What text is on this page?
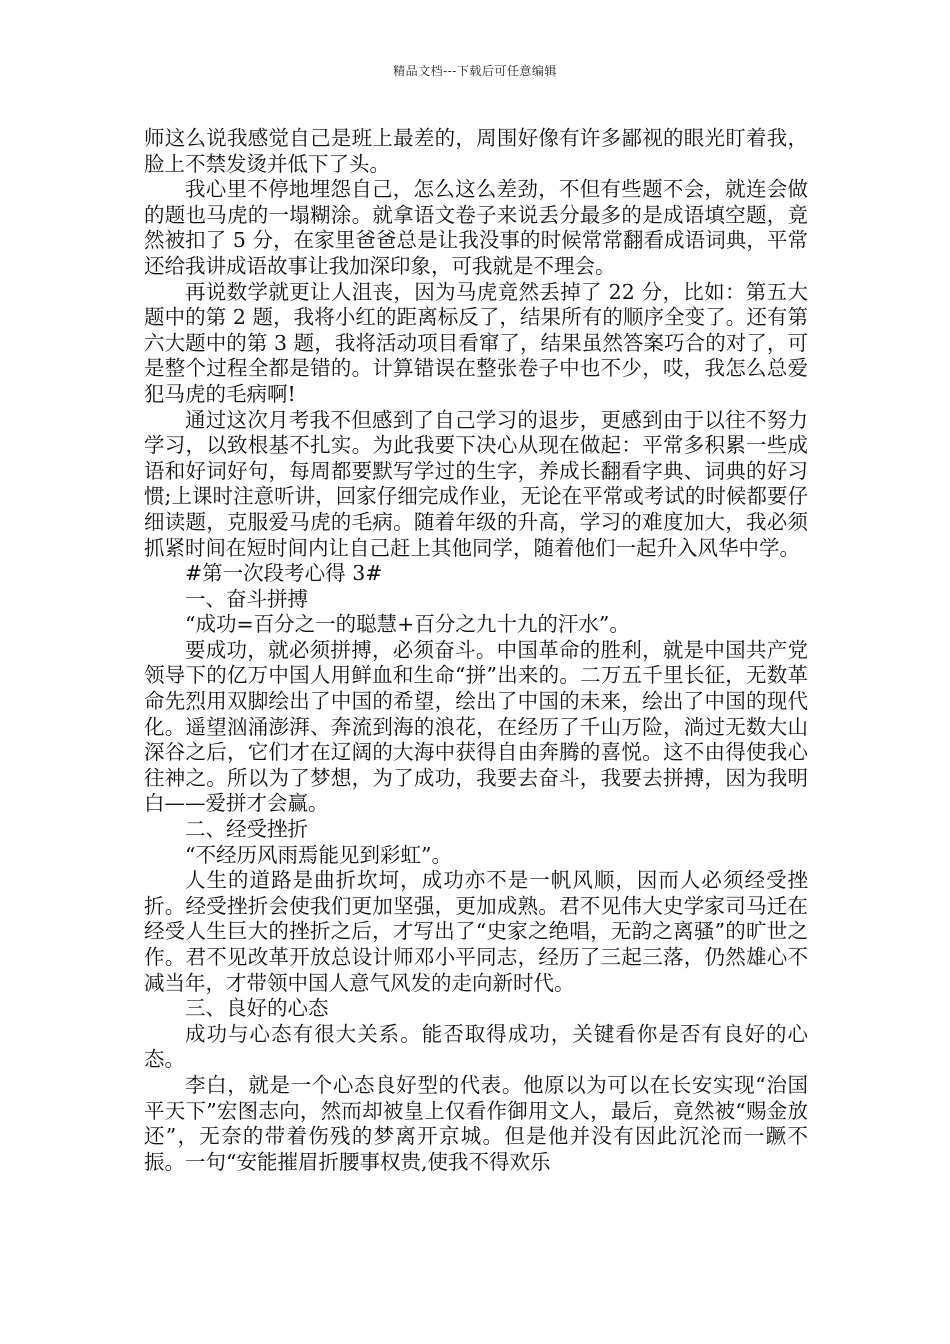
精品文档---下载后可任意编辑

师这么说我感觉自己是班上最差的，周围好像有许多鄙视的眼光盯着我，脸上不禁发烫并低下了头。

我心里不停地埋怨自己，怎么这么差劲，不但有些题不会，就连会做的题也马虎的一塌糊涂。就拿语文卷子来说丢分最多的是成语填空题，竟然被扣了 5 分，在家里爸爸总是让我没事的时候常常翻看成语词典，平常还给我讲成语故事让我加深印象，可我就是不理会。

再说数学就更让人沮丧，因为马虎竟然丢掉了 22 分，比如：第五大题中的第 2 题，我将小红的距离标反了，结果所有的顺序全变了。还有第六大题中的第 3 题，我将活动项目看窜了，结果虽然答案巧合的对了，可是整个过程全都是错的。计算错误在整张卷子中也不少，哎，我怎么总爱犯马虎的毛病啊!

通过这次月考我不但感到了自己学习的退步，更感到由于以往不努力学习，以致根基不扎实。为此我要下决心从现在做起：平常多积累一些成语和好词好句，每周都要默写学过的生字，养成长翻看字典、词典的好习惯;上课时注意听讲，回家仔细完成作业，无论在平常或考试的时候都要仔细读题，克服爱马虎的毛病。随着年级的升高，学习的难度加大，我必须抓紧时间在短时间内让自己赶上其他同学，随着他们一起升入风华中学。

#第一次段考心得 3#

一、奋斗拼搏

“成功=百分之一的聪慧+百分之九十九的汗水”。

要成功，就必须拼搏，必须奋斗。中国革命的胜利，就是中国共产党领导下的亿万中国人用鲜血和生命“拼”出来的。二万五千里长征，无数革命先烈用双脚绘出了中国的希望，绘出了中国的未来，绘出了中国的现代化。遥望汹涌澎湃、奔流到海的浪花，在经历了千山万险，淌过无数大山深谷之后，它们才在辽阔的大海中获得自由奔腾的喜悦。这不由得使我心往神之。所以为了梦想，为了成功，我要去奋斗，我要去拼搏，因为我明白——爱拼才会赢。

二、经受挫折

“不经历风雨焉能见到彩虹”。

人生的道路是曲折坎坷，成功亦不是一帆风顺，因而人必须经受挫折。经受挫折会使我们更加坚强，更加成熟。君不见伟大史学家司马迁在经受人生巨大的挫折之后，才写出了“史家之绝唱，无韵之离骚”的旷世之作。君不见改革开放总设计师邓小平同志，经历了三起三落，仍然雄心不减当年，才带领中国人意气风发的走向新时代。

三、良好的心态

成功与心态有很大关系。能否取得成功，关键看你是否有良好的心态。

李白，就是一个心态良好型的代表。他原以为可以在长安实现“治国平天下”宏图志向，然而却被皇上仅看作御用文人，最后，竟然被“赐金放还”，无奈的带着伤残的梦离开京城。但是他并没有因此沉沦而一蹶不振。一句“安能摧眉折腰事权贵,使我不得欢乐
